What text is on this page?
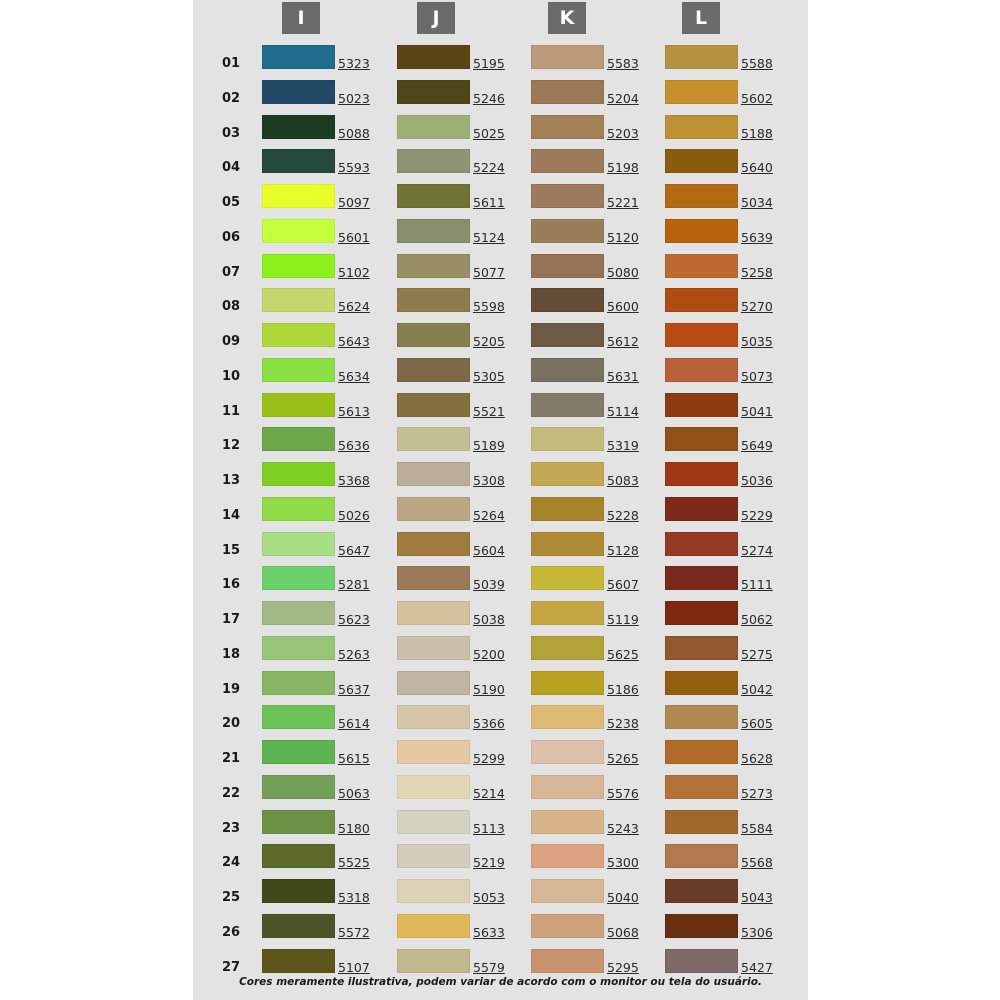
I
5323
5023
5088
5593
5097
5601
5102
5624
5643
5634
5613
5636
5368
5026
5647
5281
5623
5263
5637
5614
5615
5063
5180
5525
5318
5572
5107
J
5195
5246
5025
5224
5611
5124
5077
5598
5205
5305
5521
5189
5308
5264
5604
5039
5038
5200
5190
5366
5299
5214
5113
5219
5053
5633
5579
K
5583
5204
5203
5198
5221
5120
5080
5600
5612
5631
5114
5319
5083
5228
5128
5607
5119
5625
5186
5238
5265
5576
5243
5300
5040
5068
5295
L
5588
5602
5188
5640
5034
5639
5258
5270
5035
5073
5041
5649
5036
5229
5274
5111
5062
5275
5042
5605
5628
5273
5584
5568
5043
5306
5427
01
02
03
04
05
06
07
08
09
10
11
12
13
14
15
16
17
18
19
20
21
22
23
24
25
26
27
Cores meramente ilustrativa, podem variar de acordo com o monitor ou tela do usuário.
